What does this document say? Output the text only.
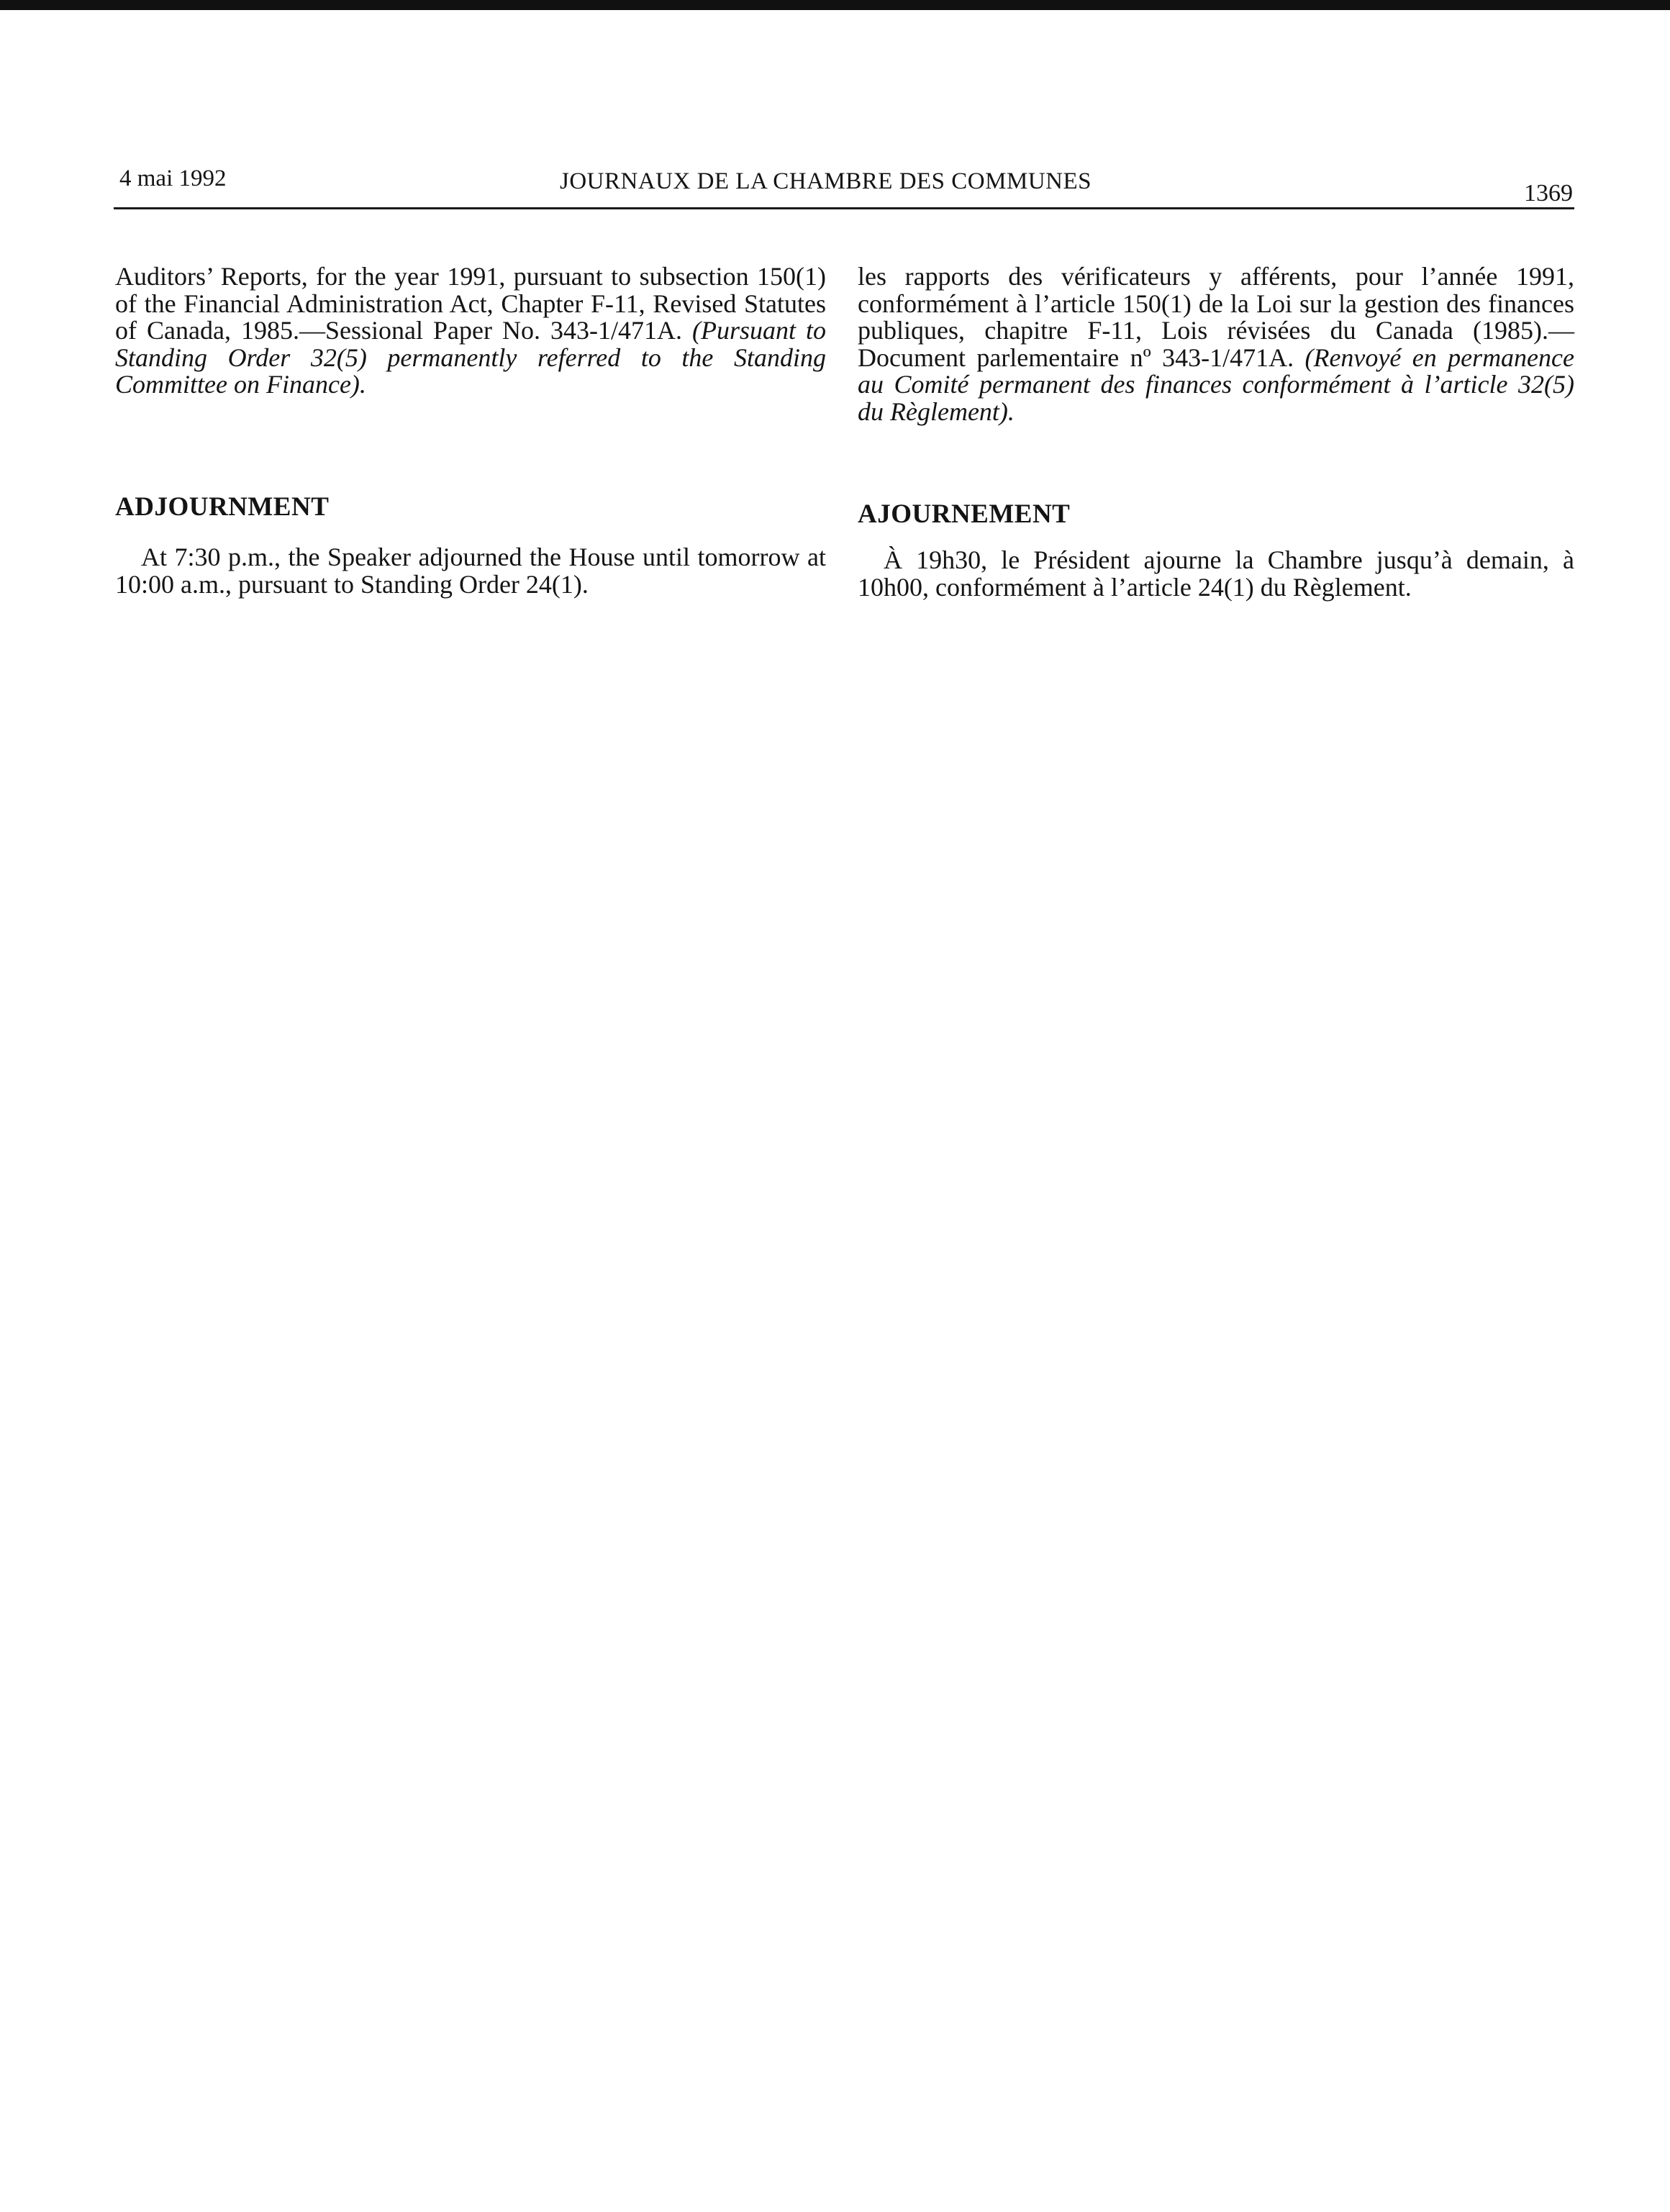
4 mai 1992	JOURNAUX DE LA CHAMBRE DES COMMUNES	1369

Auditors’ Reports, for the year 1991, pursuant to subsection 150(1) of the Financial Administration Act, Chapter F-11, Revised Statutes of Canada, 1985.—Sessional Paper No. 343-1/471A. (Pursuant to Standing Order 32(5) permanently referred to the Standing Committee on Finance).

ADJOURNMENT

At 7:30 p.m., the Speaker adjourned the House until tomorrow at 10:00 a.m., pursuant to Standing Order 24(1).

les rapports des vérificateurs y afférents, pour l’année 1991, conformément à l’article 150(1) de la Loi sur la gestion des finances publiques, chapitre F-11, Lois révisées du Canada (1985).—Document parlementaire nº 343-1/471A. (Renvoyé en permanence au Comité permanent des finances conformément à l’article 32(5) du Règlement).

AJOURNEMENT

À 19h30, le Président ajourne la Chambre jusqu’à demain, à 10h00, conformément à l’article 24(1) du Règlement.
